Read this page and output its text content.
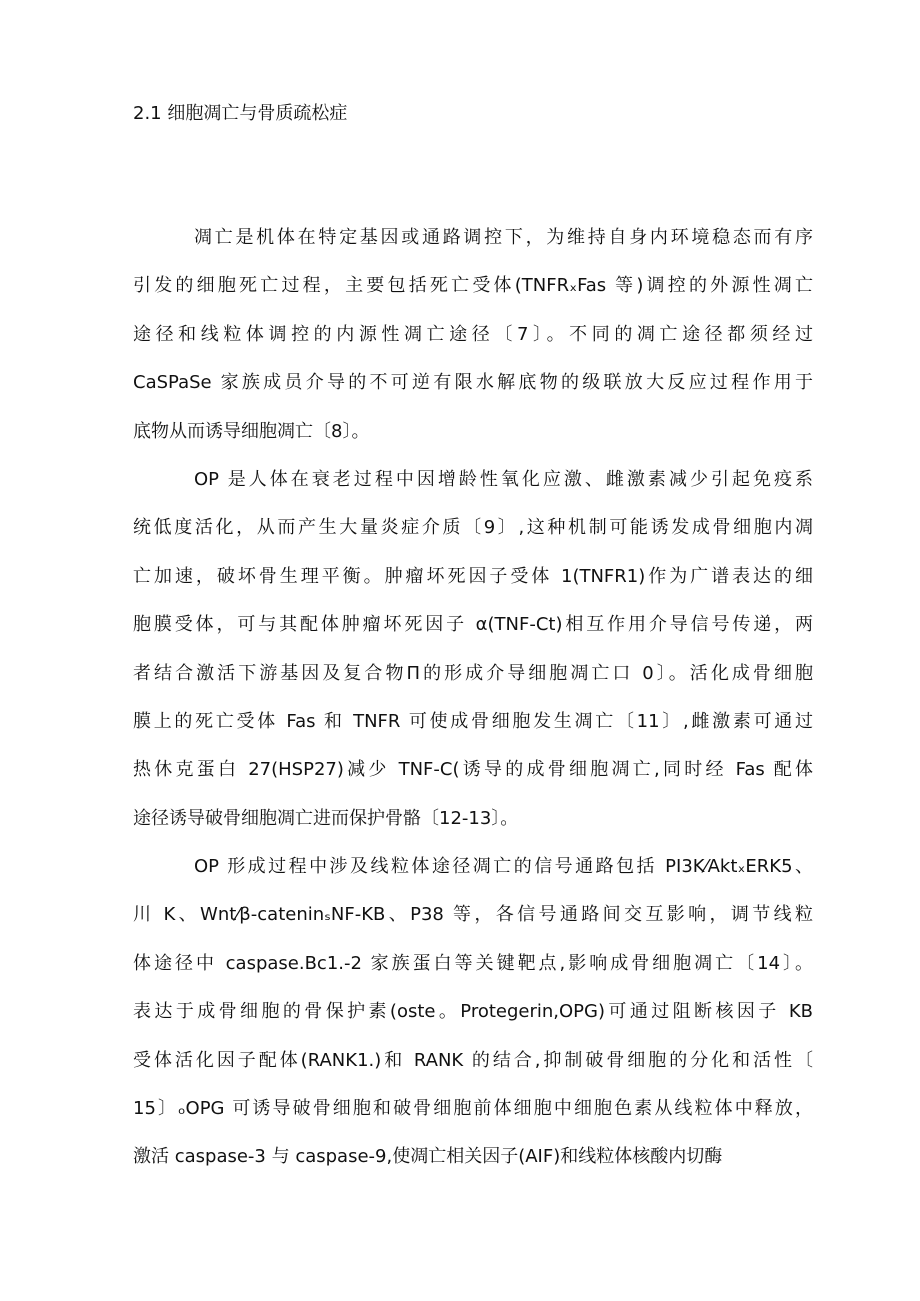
2.1 细胞凋亡与骨质疏松症
凋亡是机体在特定基因或通路调控下，为维持自身内环境稳态而有序
引发的细胞死亡过程，主要包括死亡受体(TNFRₓFas 等)调控的外源性凋亡
途径和线粒体调控的内源性凋亡途径〔7〕。不同的凋亡途径都须经过
CaSPaSe 家族成员介导的不可逆有限水解底物的级联放大反应过程作用于
底物从而诱导细胞凋亡〔8〕。
OP 是人体在衰老过程中因增龄性氧化应激、雌激素减少引起免疫系
统低度活化，从而产生大量炎症介质〔9〕,这种机制可能诱发成骨细胞内凋
亡加速，破坏骨生理平衡。肿瘤坏死因子受体 1(TNFR1)作为广谱表达的细
胞膜受体，可与其配体肿瘤坏死因子 α(TNF-Ct)相互作用介导信号传递，两
者结合激活下游基因及复合物П的形成介导细胞凋亡口 0〕。活化成骨细胞
膜上的死亡受体 Fas 和 TNFR 可使成骨细胞发生凋亡〔11〕,雌激素可通过
热休克蛋白 27(HSP27)减少 TNF-C(诱导的成骨细胞凋亡,同时经 Fas 配体
途径诱导破骨细胞凋亡进而保护骨骼〔12-13〕。
OP 形成过程中涉及线粒体途径凋亡的信号通路包括 PI3K⁄AktₓERK5、
川 K、Wnt⁄β-cateninₛNF-KB、P38 等，各信号通路间交互影响，调节线粒
体途径中 caspase.Bc1.-2 家族蛋白等关键靶点,影响成骨细胞凋亡〔14〕。
表达于成骨细胞的骨保护素(oste。Protegerin,OPG)可通过阻断核因子 KB
受体活化因子配体(RANK1.)和 RANK 的结合,抑制破骨细胞的分化和活性〔
15〕ₒOPG 可诱导破骨细胞和破骨细胞前体细胞中细胞色素从线粒体中释放，
激活 caspase-3 与 caspase-9,使凋亡相关因子(AIF)和线粒体核酸内切酶
